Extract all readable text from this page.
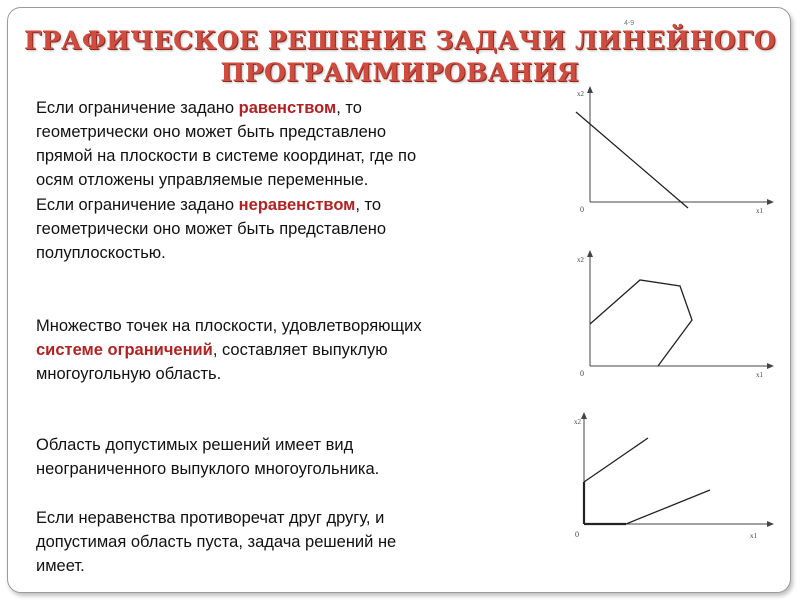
ГРАФИЧЕСКОЕ РЕШЕНИЕ ЗАДАЧИ ЛИНЕЙНОГО
ПРОГРАММИРОВАНИЯ
4-9
Если ограничение задано равенством, то
геометрически оно может быть представлено
прямой на плоскости в системе координат, где по
осям отложены управляемые переменные.
Если ограничение задано неравенством, то
геометрически оно может быть представлено
полуплоскостью.
Множество точек на плоскости, удовлетворяющих
системе ограничений, составляет выпуклую
многоугольную область.
Область допустимых решений имеет вид
неограниченного выпуклого многоугольника.
Если неравенства противоречат друг другу, и
допустимая область пуста, задача решений не
имеет.
x2
x1
0
x2
x1
0
x2
x1
0
